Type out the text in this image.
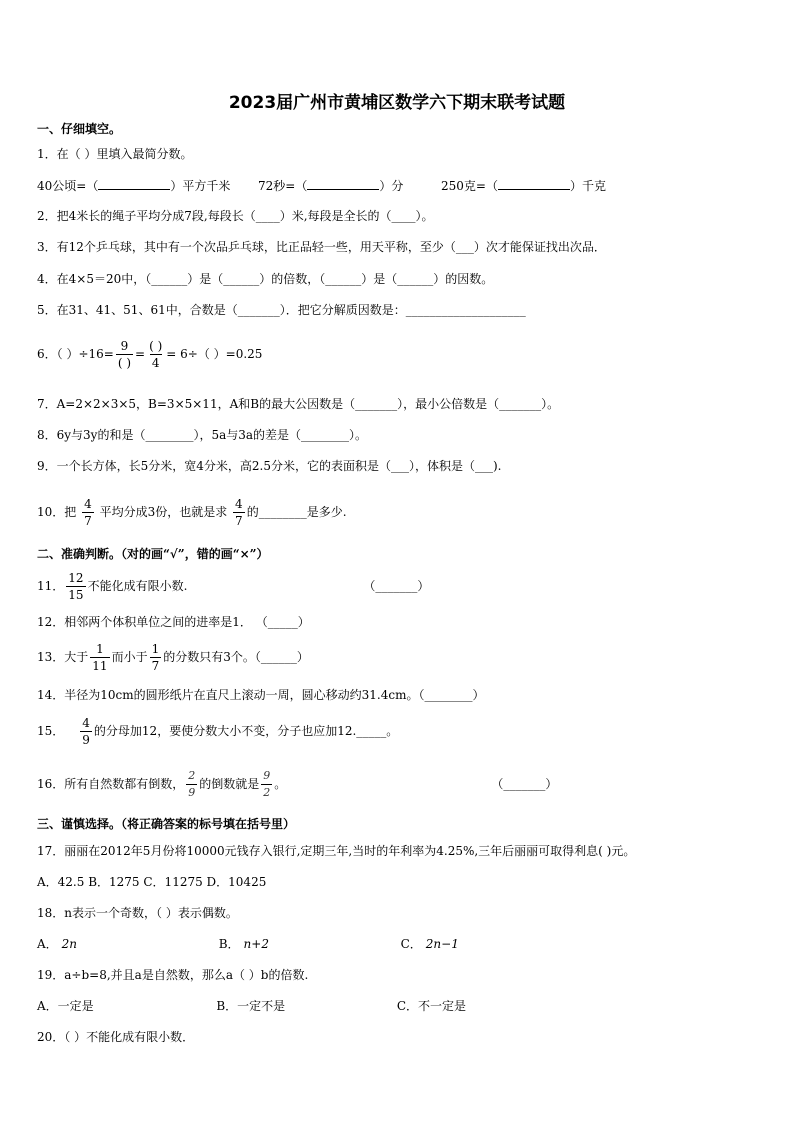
2023届广州市黄埔区数学六下期末联考试题
一、仔细填空。
1．在（ ）里填入最简分数。
40公顷=（	）平方千米 72秒=（	）分	250克=（	）千克
2．把4米长的绳子平均分成7段,每段长（____）米,每段是全长的（____）。
3．有12个乒乓球，其中有一个次品乒乓球，比正品轻一些，用天平称，至少（___）次才能保证找出次品．
4．在4×5＝20中，（______）是（______）的倍数，（______）是（______）的因数。
5．在31、41、51、61中，合数是（_______）．把它分解质因数是：____________________
6．（ ）$\div 16= \frac{9}{( )} = \frac{( )}{4} = 6\div$（ ）=0.25
7．A=2×2×3×5，B=3×5×11，A和B的最大公因数是（_______），最小公倍数是（_______）。
8．6y与3y的和是（________），5a与3a的差是（________）。
9．一个长方体，长5分米，宽4分米，高2.5分米，它的表面积是（___），体积是（___).
10．把 $\frac{4}{7}$ 平均分成3份，也就是求 $\frac{4}{7}$ 的________是多少.
二、准确判断。（对的画“√”，错的画“×”）
11． $\frac{12}{15}$ 不能化成有限小数.	（_______）
12．相邻两个体积单位之间的进率是1． （_____）
13．大于 $\frac{1}{11}$ 而小于 $\frac{1}{7}$ 的分数只有3个。（______）
14．半径为10cm的圆形纸片在直尺上滚动一周，圆心移动约31.4cm。（________）
15． $\frac{4}{9}$ 的分母加12，要使分数大小不变，分子也应加12._____。
16．所有自然数都有倒数， $\frac{2}{9}$ 的倒数就是 $\frac{9}{2}$ 。	（_______）
三、谨慎选择。（将正确答案的标号填在括号里）
17．丽丽在2012年5月份将10000元钱存入银行,定期三年,当时的年利率为4.25%,三年后丽丽可取得利息( )元。
A．42.5 B．1275 C．11275 D．10425
18．n表示一个奇数，（ ）表示偶数。
A． 2n	B． n+2	C． 2n−1
19．a÷b=8,并且a是自然数，那么a（ ）b的倍数.
A．一定是	B．一定不是	C．不一定是
20．（ ）不能化成有限小数．
